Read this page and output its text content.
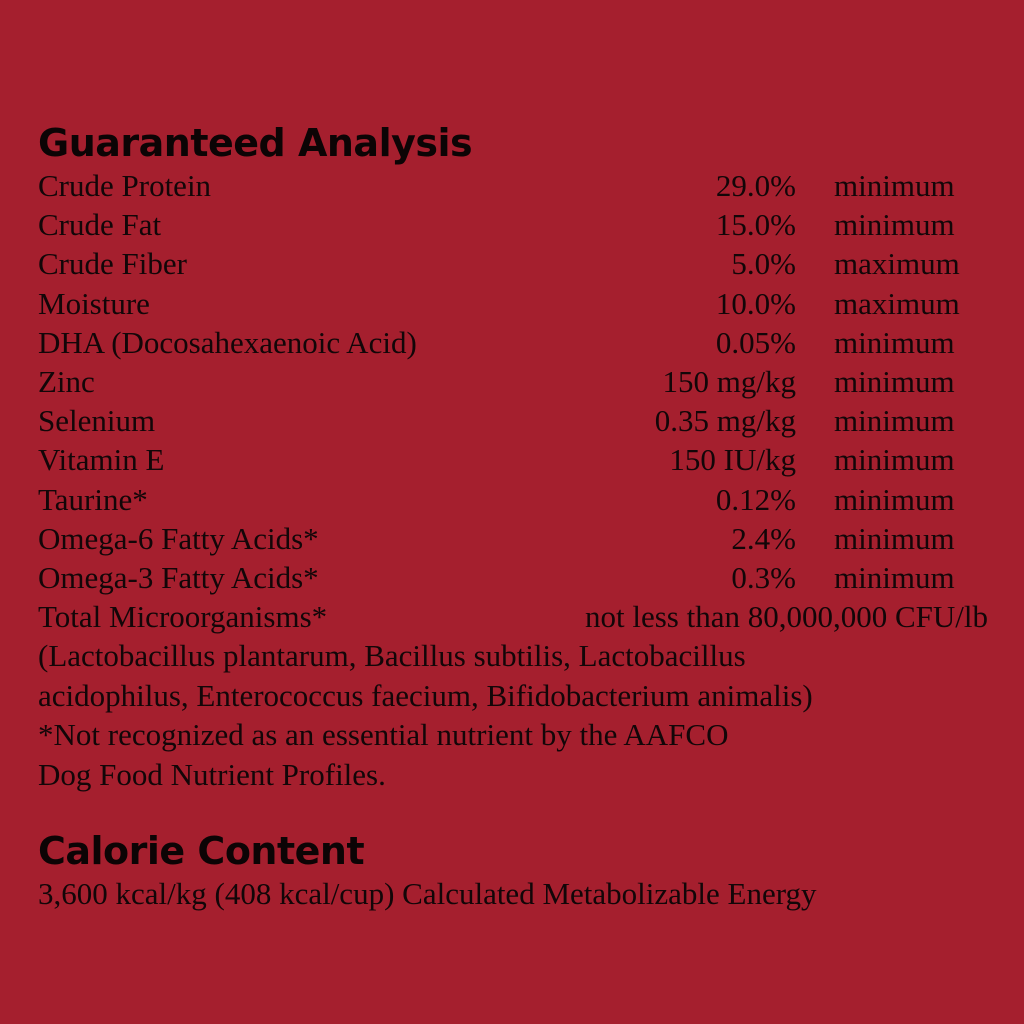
Guaranteed Analysis
Crude Protein	29.0% minimum
Crude Fat	15.0% minimum
Crude Fiber	5.0% maximum
Moisture	10.0% maximum
DHA (Docosahexaenoic Acid)	0.05% minimum
Zinc	150 mg/kg minimum
Selenium	0.35 mg/kg minimum
Vitamin E	150 IU/kg minimum
Taurine*	0.12% minimum
Omega-6 Fatty Acids*	2.4% minimum
Omega-3 Fatty Acids*	0.3% minimum
Total Microorganisms*	not less than 80,000,000 CFU/lb
(Lactobacillus plantarum, Bacillus subtilis, Lactobacillus
acidophilus, Enterococcus faecium, Bifidobacterium animalis)
*Not recognized as an essential nutrient by the AAFCO
Dog Food Nutrient Profiles.
Calorie Content
3,600 kcal/kg (408 kcal/cup) Calculated Metabolizable Energy
